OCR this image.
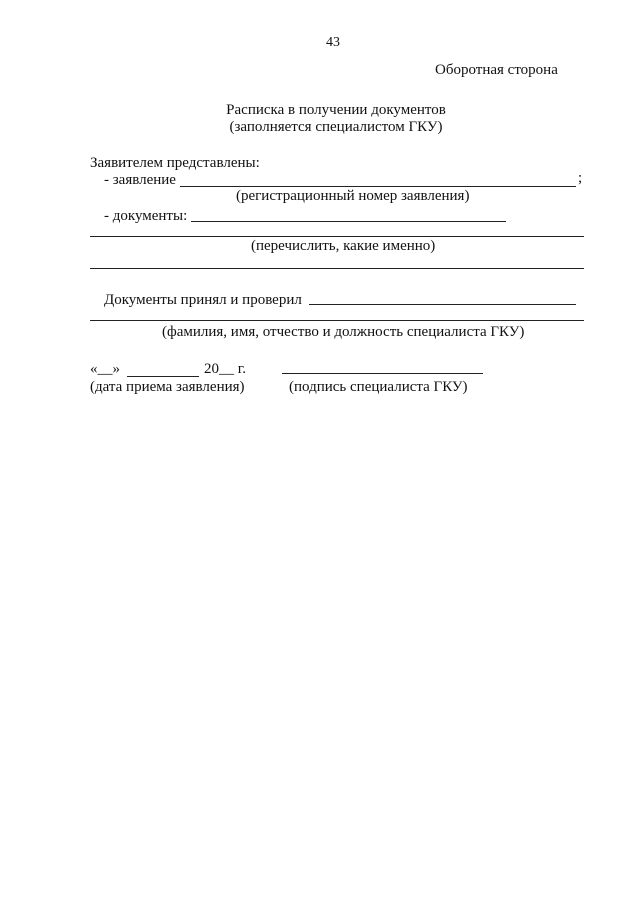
43
Оборотная сторона
Расписка в получении документов
(заполняется специалистом ГКУ)
Заявителем представлены:
- заявление	;
(регистрационный номер заявления)
- документы:
(перечислить, какие именно)
Документы принял и проверил
(фамилия, имя, отчество и должность специалиста ГКУ)
«__»	20__ г.
(дата приема заявления)	(подпись специалиста ГКУ)
